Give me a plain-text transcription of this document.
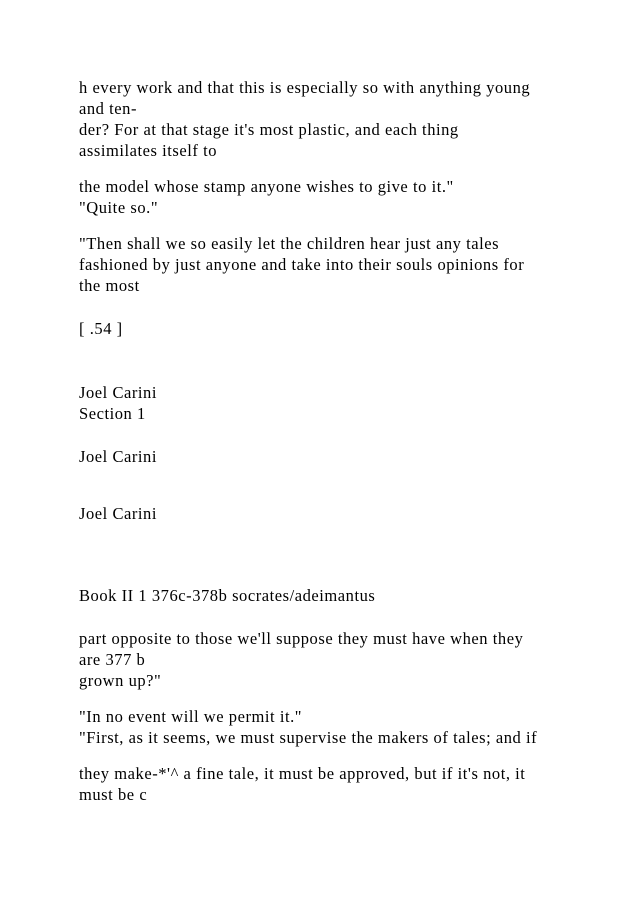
h every work and that this is especially so with anything young

and ten-

der? For at that stage it's most plastic, and each thing

assimilates itself to

the model whose stamp anyone wishes to give to it."

"Quite so."

"Then shall we so easily let the children hear just any tales

fashioned by just anyone and take into their souls opinions for

the most

[ .54 ]

Joel Carini

Section 1

Joel Carini

Joel Carini

Book II 1 376c-378b socrates/adeimantus

part opposite to those we'll suppose they must have when they

are 377 b

grown up?"

"In no event will we permit it."

"First, as it seems, we must supervise the makers of tales; and if

they make-*'^ a fine tale, it must be approved, but if it's not, it

must be c
